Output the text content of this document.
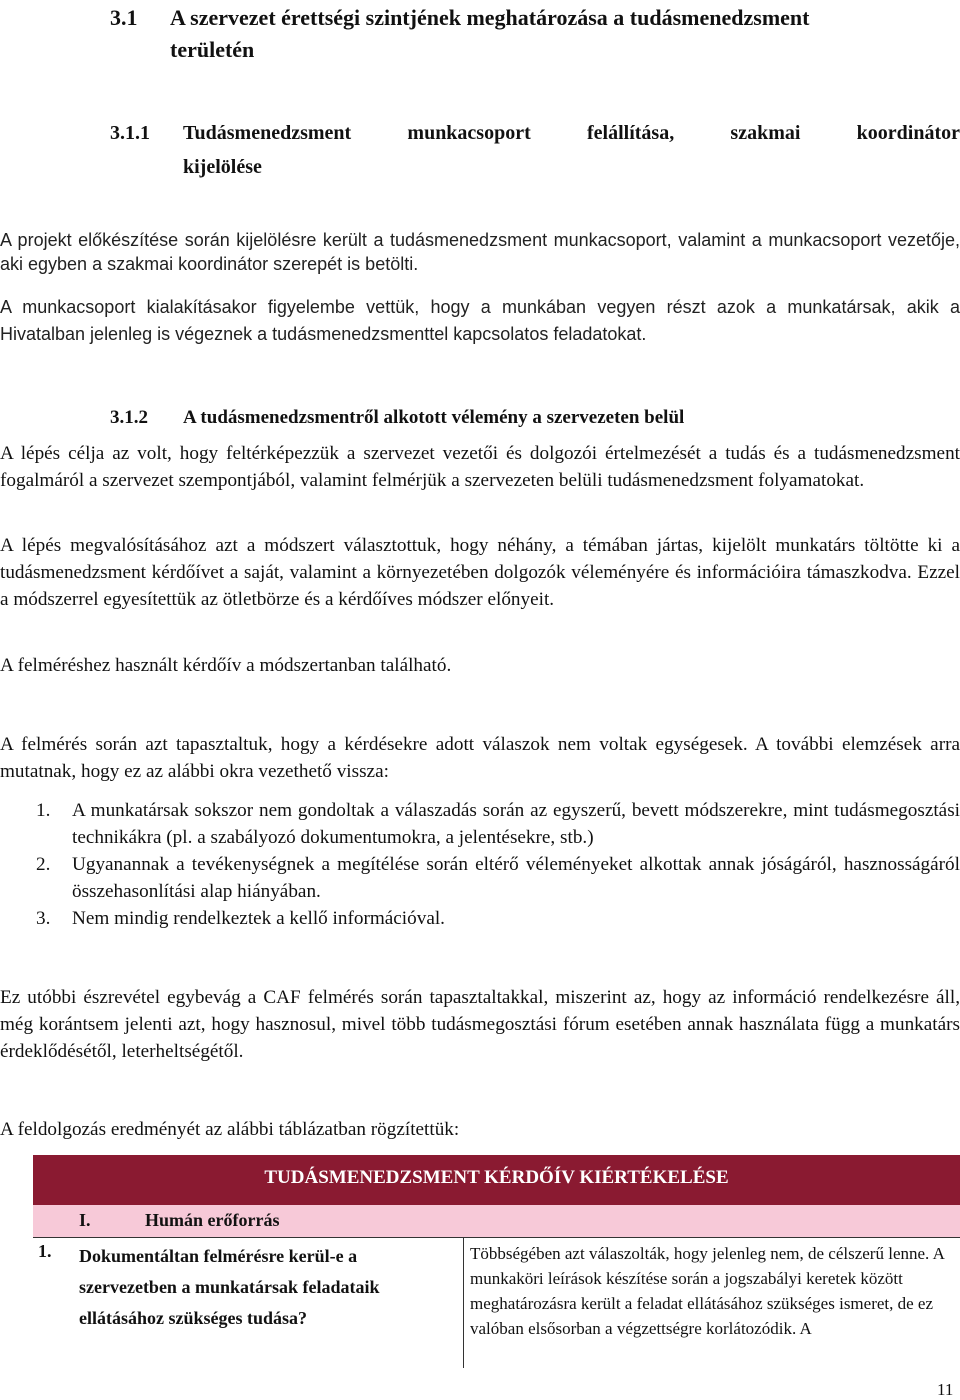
3.1 A szervezet érettségi szintjének meghatározása a tudásmenedzsment
területén
3.1.1 Tudásmenedzsment munkacsoport felállítása, szakmai koordinátor
kijelölése
A projekt előkészítése során kijelölésre került a tudásmenedzsment munkacsoport, valamint a munkacsoport vezetője, aki egyben a szakmai koordinátor szerepét is betölti.
A munkacsoport kialakításakor figyelembe vettük, hogy a munkában vegyen részt azok a munkatársak, akik a Hivatalban jelenleg is végeznek a tudásmenedzsmenttel kapcsolatos feladatokat.
3.1.2 A tudásmenedzsmentről alkotott vélemény a szervezeten belül
A lépés célja az volt, hogy feltérképezzük a szervezet vezetői és dolgozói értelmezését a tudás és a tudásmenedzsment fogalmáról a szervezet szempontjából, valamint felmérjük a szervezeten belüli tudásmenedzsment folyamatokat.
A lépés megvalósításához azt a módszert választottuk, hogy néhány, a témában jártas, kijelölt munkatárs töltötte ki a tudásmenedzsment kérdőívet a saját, valamint a környezetében dolgozók véleményére és információira támaszkodva. Ezzel a módszerrel egyesítettük az ötletbörze és a kérdőíves módszer előnyeit.
A felméréshez használt kérdőív a módszertanban található.
A felmérés során azt tapasztaltuk, hogy a kérdésekre adott válaszok nem voltak egységesek. A további elemzések arra mutatnak, hogy ez az alábbi okra vezethető vissza:
1. A munkatársak sokszor nem gondoltak a válaszadás során az egyszerű, bevett módszerekre, mint tudásmegosztási technikákra (pl. a szabályozó dokumentumokra, a jelentésekre, stb.)
2. Ugyanannak a tevékenységnek a megítélése során eltérő véleményeket alkottak annak jóságáról, hasznosságáról összehasonlítási alap hiányában.
3. Nem mindig rendelkeztek a kellő információval.
Ez utóbbi észrevétel egybevág a CAF felmérés során tapasztaltakkal, miszerint az, hogy az információ rendelkezésre áll, még korántsem jelenti azt, hogy hasznosul, mivel több tudásmegosztási fórum esetében annak használata függ a munkatárs érdeklődésétől, leterheltségétől.
A feldolgozás eredményét az alábbi táblázatban rögzítettük:
TUDÁSMENEDZSMENT KÉRDŐÍV KIÉRTÉKELÉSE
I.	Humán erőforrás
1. Dokumentáltan felmérésre kerül-e a szervezetben a munkatársak feladataik ellátásához szükséges tudása?
Többségében azt válaszolták, hogy jelenleg nem, de célszerű lenne. A munkaköri leírások készítése során a jogszabályi keretek között meghatározásra került a feladat ellátásához szükséges ismeret, de ez valóban elsősorban a végzettségre korlátozódik. A
11
